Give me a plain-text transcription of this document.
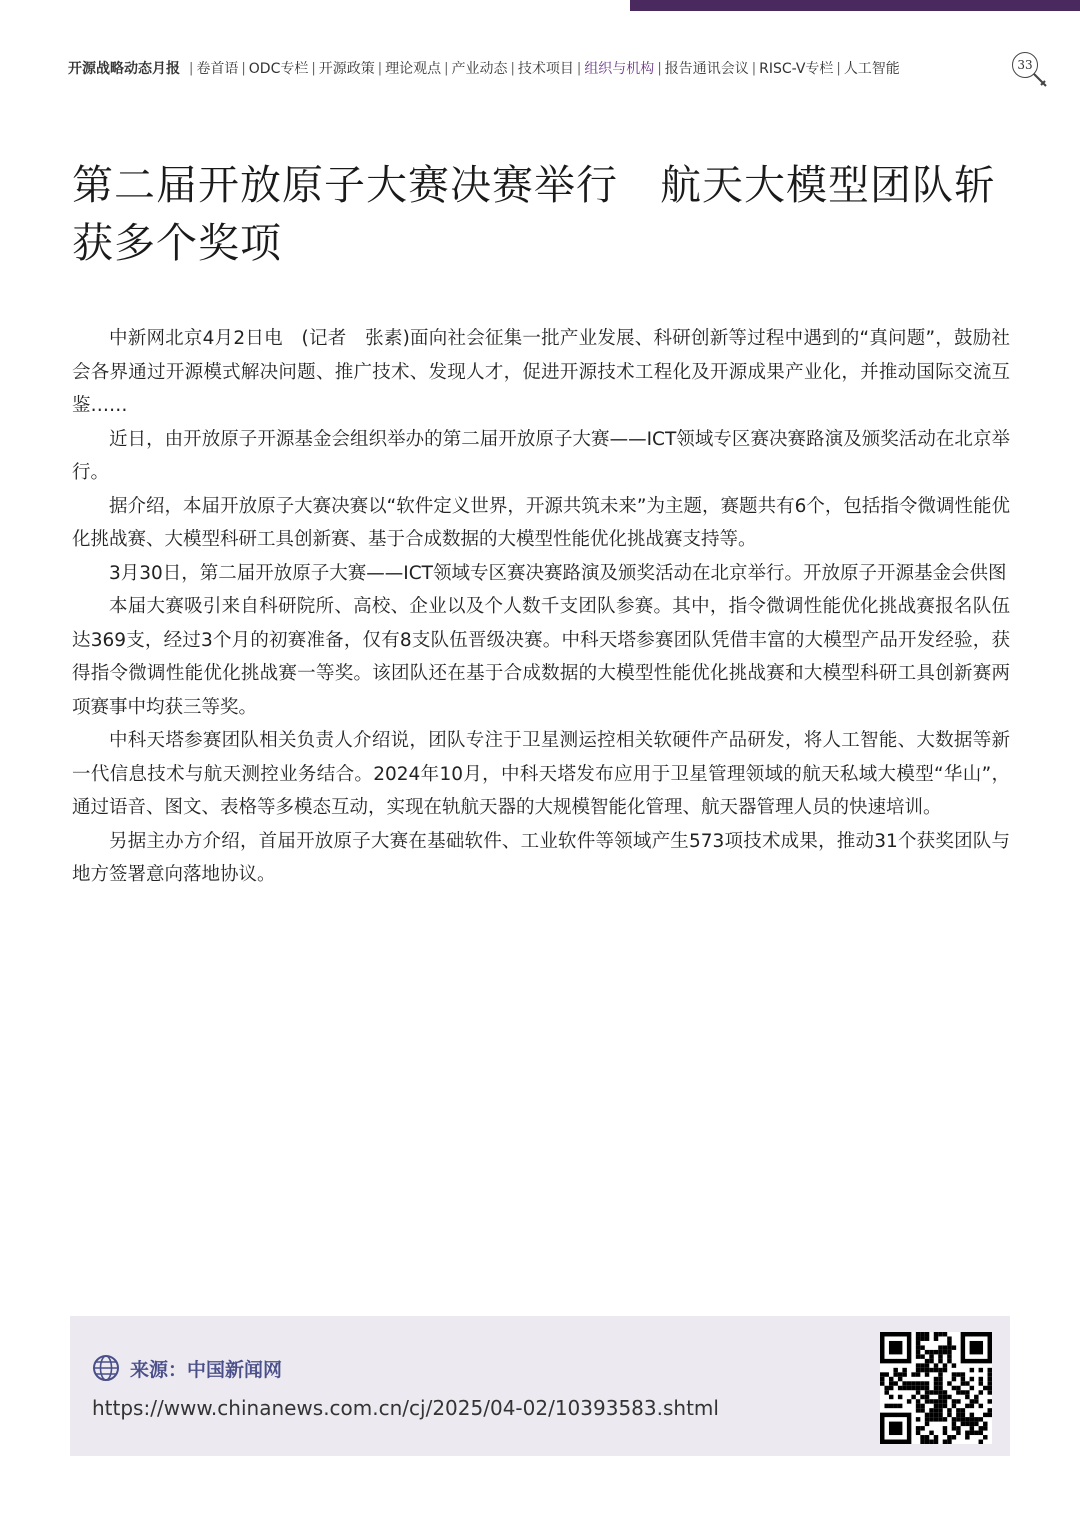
开源战略动态月报 | 卷首语 | ODC专栏 | 开源政策 | 理论观点 | 产业动态 | 技术项目 | 组织与机构 | 报告通讯会议 | RISC-V专栏 | 人工智能	33
第二届开放原子大赛决赛举行　航天大模型团队斩获多个奖项

中新网北京4月2日电　(记者　张素)面向社会征集一批产业发展、科研创新等过程中遇到的“真问题”，鼓励社会各界通过开源模式解决问题、推广技术、发现人才，促进开源技术工程化及开源成果产业化，并推动国际交流互鉴……

近日，由开放原子开源基金会组织举办的第二届开放原子大赛——ICT领域专区赛决赛路演及颁奖活动在北京举行。

据介绍，本届开放原子大赛决赛以“软件定义世界，开源共筑未来”为主题，赛题共有6个，包括指令微调性能优化挑战赛、大模型科研工具创新赛、基于合成数据的大模型性能优化挑战赛支持等。

3月30日，第二届开放原子大赛——ICT领域专区赛决赛路演及颁奖活动在北京举行。开放原子开源基金会供图

本届大赛吸引来自科研院所、高校、企业以及个人数千支团队参赛。其中，指令微调性能优化挑战赛报名队伍达369支，经过3个月的初赛准备，仅有8支队伍晋级决赛。中科天塔参赛团队凭借丰富的大模型产品开发经验，获得指令微调性能优化挑战赛一等奖。该团队还在基于合成数据的大模型性能优化挑战赛和大模型科研工具创新赛两项赛事中均获三等奖。

中科天塔参赛团队相关负责人介绍说，团队专注于卫星测运控相关软硬件产品研发，将人工智能、大数据等新一代信息技术与航天测控业务结合。2024年10月，中科天塔发布应用于卫星管理领域的航天私域大模型“华山”，通过语音、图文、表格等多模态互动，实现在轨航天器的大规模智能化管理、航天器管理人员的快速培训。

另据主办方介绍，首届开放原子大赛在基础软件、工业软件等领域产生573项技术成果，推动31个获奖团队与地方签署意向落地协议。

来源：中国新闻网
https://www.chinanews.com.cn/cj/2025/04-02/10393583.shtml
